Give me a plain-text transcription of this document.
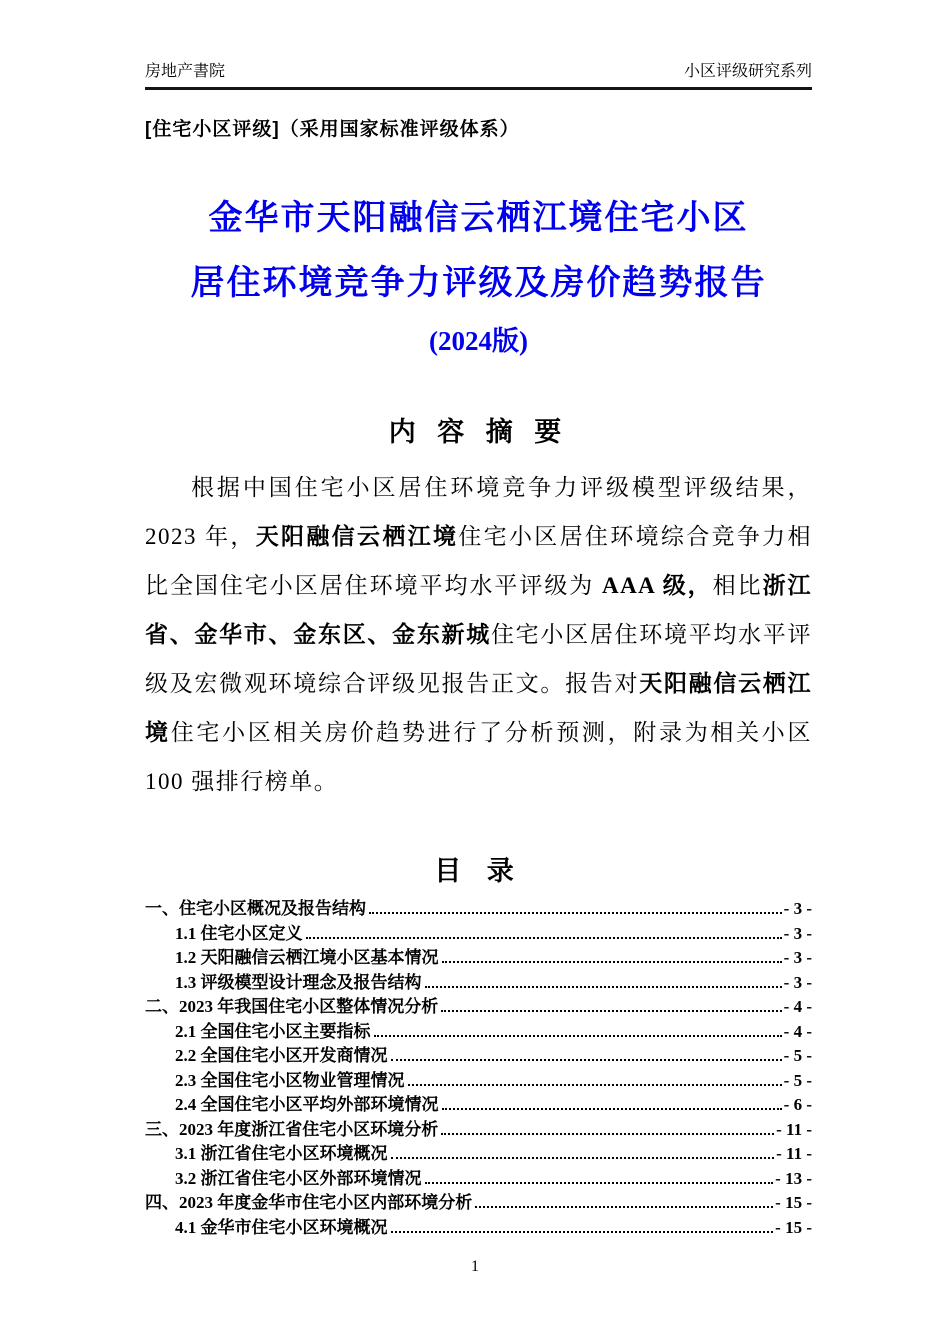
房地产書院	小区评级研究系列
[住宅小区评级]（采用国家标准评级体系）
金华市天阳融信云栖江境住宅小区
居住环境竞争力评级及房价趋势报告
(2024版)
内 容 摘 要

根据中国住宅小区居住环境竞争力评级模型评级结果，2023 年，天阳融信云栖江境住宅小区居住环境综合竞争力相比全国住宅小区居住环境平均水平评级为 AAA 级，相比浙江省、金华市、金东区、金东新城住宅小区居住环境平均水平评级及宏微观环境综合评级见报告正文。报告对天阳融信云栖江境住宅小区相关房价趋势进行了分析预测，附录为相关小区 100 强排行榜单。

目 录
一、住宅小区概况及报告结构	- 3 -
1.1 住宅小区定义	- 3 -
1.2 天阳融信云栖江境小区基本情况	- 3 -
1.3 评级模型设计理念及报告结构	- 3 -
二、2023 年我国住宅小区整体情况分析	- 4 -
2.1 全国住宅小区主要指标	- 4 -
2.2 全国住宅小区开发商情况	- 5 -
2.3 全国住宅小区物业管理情况	- 5 -
2.4 全国住宅小区平均外部环境情况	- 6 -
三、2023 年度浙江省住宅小区环境分析	- 11 -
3.1 浙江省住宅小区环境概况	- 11 -
3.2 浙江省住宅小区外部环境情况	- 13 -
四、2023 年度金华市住宅小区内部环境分析	- 15 -
4.1 金华市住宅小区环境概况	- 15 -
1
